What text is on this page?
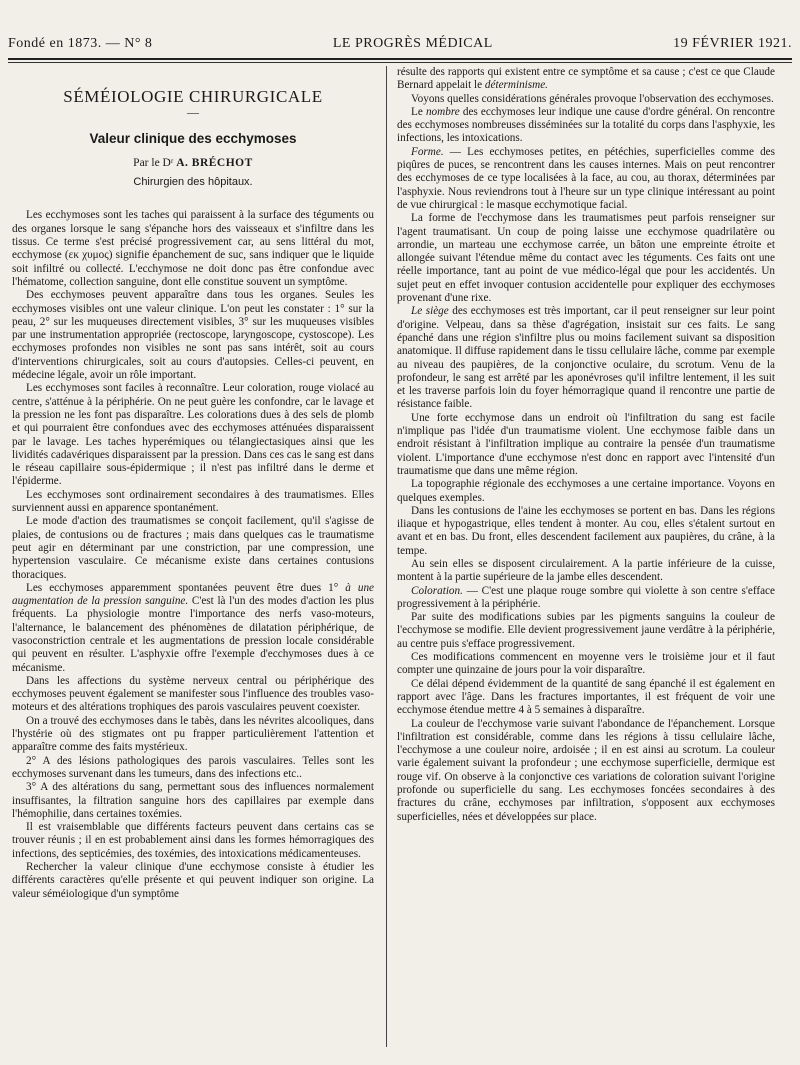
Fondé en 1873. — N° 8	LE PROGRÈS MÉDICAL	19 FÉVRIER 1921.
SÉMÉIOLOGIE CHIRURGICALE
—
Valeur clinique des ecchymoses
Par le Dʳ A. BRÉCHOT
Chirurgien des hôpitaux.

Les ecchymoses sont les taches qui paraissent à la surface des téguments ou des organes lorsque le sang s'épanche hors des vaisseaux et s'infiltre dans les tissus. Ce terme s'est précisé progressivement car, au sens littéral du mot, ecchymose (εκ χυμος) signifie épanchement de suc, sans indiquer que le liquide soit infiltré ou collecté. L'ecchymose ne doit donc pas être confondue avec l'hématome, collection sanguine, dont elle constitue souvent un symptôme.

Des ecchymoses peuvent apparaître dans tous les organes. Seules les ecchymoses visibles ont une valeur clinique. L'on peut les constater : 1° sur la peau, 2° sur les muqueuses directement visibles, 3° sur les muqueuses visibles par une instrumentation appropriée (rectoscope, laryngoscope, cystoscope). Les ecchymoses profondes non visibles ne sont pas sans intérêt, soit au cours d'interventions chirurgicales, soit au cours d'autopsies. Celles-ci peuvent, en médecine légale, avoir un rôle important.

Les ecchymoses sont faciles à reconnaître. Leur coloration, rouge violacé au centre, s'atténue à la périphérie. On ne peut guère les confondre, car le lavage et la pression ne les font pas disparaître. Les colorations dues à des sels de plomb et qui pourraient être confondues avec des ecchymoses atténuées disparaissent par le lavage. Les taches hyperémiques ou télangiectasiques ainsi que les lividités cadavériques disparaissent par la pression. Dans ces cas le sang est dans le réseau capillaire sous-épidermique ; il n'est pas infiltré dans le derme et l'épiderme.

Les ecchymoses sont ordinairement secondaires à des traumatismes. Elles surviennent aussi en apparence spontanément.

Le mode d'action des traumatismes se conçoit facilement, qu'il s'agisse de plaies, de contusions ou de fractures ; mais dans quelques cas le traumatisme peut agir en déterminant par une constriction, par une compression, une hypertension vasculaire. Ce mécanisme existe dans certaines contusions thoraciques.

Les ecchymoses apparemment spontanées peuvent être dues 1° à une augmentation de la pression sanguine. C'est là l'un des modes d'action les plus fréquents. La physiologie montre l'importance des nerfs vaso-moteurs, l'alternance, le balancement des phénomènes de dilatation périphérique, de vasoconstriction centrale et les augmentations de pression locale considérable qui peuvent en résulter. L'asphyxie offre l'exemple d'ecchymoses dues à ce mécanisme.

Dans les affections du système nerveux central ou périphérique des ecchymoses peuvent également se manifester sous l'influence des troubles vaso-moteurs et des altérations trophiques des parois vasculaires peuvent coexister.

On a trouvé des ecchymoses dans le tabès, dans les névrites alcooliques, dans l'hystérie où des stigmates ont pu frapper particulièrement l'attention et apparaître comme des faits mystérieux.

2° A des lésions pathologiques des parois vasculaires. Telles sont les ecchymoses survenant dans les tumeurs, dans des infections etc..

3° A des altérations du sang, permettant sous des influences normalement insuffisantes, la filtration sanguine hors des capillaires par exemple dans l'hémophilie, dans certaines toxémies.

Il est vraisemblable que différents facteurs peuvent dans certains cas se trouver réunis ; il en est probablement ainsi dans les formes hémorragiques des infections, des septicémies, des toxémies, des intoxications médicamenteuses.

Rechercher la valeur clinique d'une ecchymose consiste à étudier les différents caractères qu'elle présente et qui peuvent indiquer son origine. La valeur séméiologique d'un symptôme

résulte des rapports qui existent entre ce symptôme et sa cause ; c'est ce que Claude Bernard appelait le déterminisme.

Voyons quelles considérations générales provoque l'observation des ecchymoses.

Le nombre des ecchymoses leur indique une cause d'ordre général. On rencontre des ecchymoses nombreuses disséminées sur la totalité du corps dans l'asphyxie, les infections, les intoxications.

Forme. — Les ecchymoses petites, en pétéchies, superficielles comme des piqûres de puces, se rencontrent dans les causes internes. Mais on peut rencontrer des ecchymoses de ce type localisées à la face, au cou, au thorax, déterminées par l'asphyxie. Nous reviendrons tout à l'heure sur un type clinique intéressant au point de vue chirurgical : le masque ecchymotique facial.

La forme de l'ecchymose dans les traumatismes peut parfois renseigner sur l'agent traumatisant. Un coup de poing laisse une ecchymose quadrilatère ou arrondie, un marteau une ecchymose carrée, un bâton une empreinte étroite et allongée suivant l'étendue même du contact avec les téguments. Ces faits ont une réelle importance, tant au point de vue médico-légal que pour les accidentés. Un sujet peut en effet invoquer contusion accidentelle pour expliquer des ecchymoses provenant d'une rixe.

Le siège des ecchymoses est très important, car il peut renseigner sur leur point d'origine. Velpeau, dans sa thèse d'agrégation, insistait sur ces faits. Le sang épanché dans une région s'infiltre plus ou moins facilement suivant sa disposition anatomique. Il diffuse rapidement dans le tissu cellulaire lâche, comme par exemple au niveau des paupières, de la conjonctive oculaire, du scrotum. Venu de la profondeur, le sang est arrêté par les aponévroses qu'il infiltre lentement, il les suit et les traverse parfois loin du foyer hémorragique quand il rencontre une partie de résistance faible.

Une forte ecchymose dans un endroit où l'infiltration du sang est facile n'implique pas l'idée d'un traumatisme violent. Une ecchymose faible dans un endroit résistant à l'infiltration implique au contraire la pensée d'un traumatisme violent. L'importance d'une ecchymose n'est donc en rapport avec l'intensité d'un traumatisme que dans une même région.

La topographie régionale des ecchymoses a une certaine importance. Voyons en quelques exemples.

Dans les contusions de l'aine les ecchymoses se portent en bas. Dans les régions iliaque et hypogastrique, elles tendent à monter. Au cou, elles s'étalent surtout en avant et en bas. Du front, elles descendent facilement aux paupières, du crâne, à la tempe.

Au sein elles se disposent circulairement. A la partie inférieure de la cuisse, montent à la partie supérieure de la jambe elles descendent.

Coloration. — C'est une plaque rouge sombre qui violette à son centre s'efface progressivement à la périphérie.

Par suite des modifications subies par les pigments sanguins la couleur de l'ecchymose se modifie. Elle devient progressivement jaune verdâtre à la périphérie, au centre puis s'efface progressivement.

Ces modifications commencent en moyenne vers le troisième jour et il faut compter une quinzaine de jours pour la voir disparaître.

Ce délai dépend évidemment de la quantité de sang épanché il est également en rapport avec l'âge. Dans les fractures importantes, il est fréquent de voir une ecchymose étendue mettre 4 à 5 semaines à disparaître.

La couleur de l'ecchymose varie suivant l'abondance de l'épanchement. Lorsque l'infiltration est considérable, comme dans les régions à tissu cellulaire lâche, l'ecchymose a une couleur noire, ardoisée ; il en est ainsi au scrotum. La couleur varie également suivant la profondeur ; une ecchymose superficielle, dermique est rouge vif. On observe à la conjonctive ces variations de coloration suivant l'origine profonde ou superficielle du sang. Les ecchymoses foncées secondaires à des fractures du crâne, ecchymoses par infiltration, s'opposent aux ecchymoses superficielles, nées et développées sur place.
